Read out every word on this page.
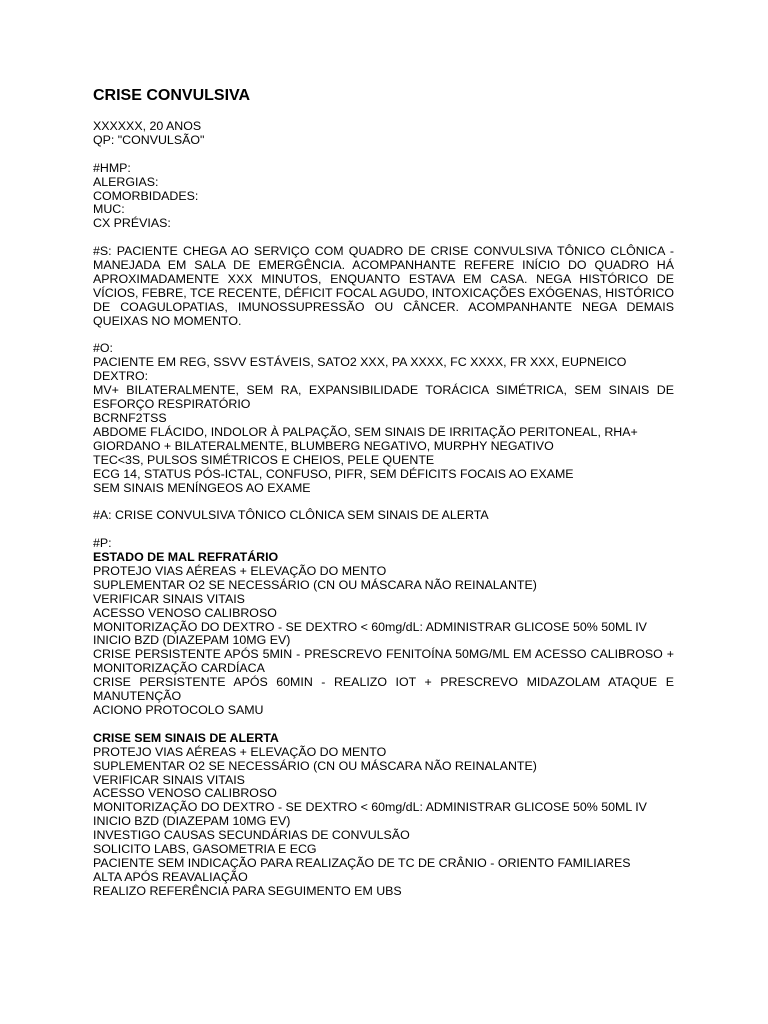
CRISE CONVULSIVA
XXXXXX, 20 ANOS
QP: "CONVULSÃO"
#HMP:
ALERGIAS:
COMORBIDADES:
MUC:
CX PRÉVIAS:
#S: PACIENTE CHEGA AO SERVIÇO COM QUADRO DE CRISE CONVULSIVA TÔNICO CLÔNICA - MANEJADA EM SALA DE EMERGÊNCIA. ACOMPANHANTE REFERE INÍCIO DO QUADRO HÁ APROXIMADAMENTE XXX MINUTOS, ENQUANTO ESTAVA EM CASA. NEGA HISTÓRICO DE VÍCIOS, FEBRE, TCE RECENTE, DÉFICIT FOCAL AGUDO, INTOXICAÇÕES EXÓGENAS, HISTÓRICO DE COAGULOPATIAS, IMUNOSSUPRESSÃO OU CÂNCER. ACOMPANHANTE NEGA DEMAIS QUEIXAS NO MOMENTO.
#O:
PACIENTE EM REG, SSVV ESTÁVEIS, SATO2 XXX, PA XXXX, FC XXXX, FR XXX, EUPNEICO
DEXTRO:
MV+ BILATERALMENTE, SEM RA, EXPANSIBILIDADE TORÁCICA SIMÉTRICA, SEM SINAIS DE ESFORÇO RESPIRATÓRIO
BCRNF2TSS
ABDOME FLÁCIDO, INDOLOR À PALPAÇÃO, SEM SINAIS DE IRRITAÇÃO PERITONEAL, RHA+
GIORDANO + BILATERALMENTE, BLUMBERG NEGATIVO, MURPHY NEGATIVO
TEC<3S, PULSOS SIMÉTRICOS E CHEIOS, PELE QUENTE
ECG 14, STATUS PÓS-ICTAL, CONFUSO, PIFR, SEM DÉFICITS FOCAIS AO EXAME
SEM SINAIS MENÍNGEOS AO EXAME
#A: CRISE CONVULSIVA TÔNICO CLÔNICA SEM SINAIS DE ALERTA
#P:
ESTADO DE MAL REFRATÁRIO
PROTEJO VIAS AÉREAS + ELEVAÇÃO DO MENTO
SUPLEMENTAR O2 SE NECESSÁRIO (CN OU MÁSCARA NÃO REINALANTE)
VERIFICAR SINAIS VITAIS
ACESSO VENOSO CALIBROSO
MONITORIZAÇÃO DO DEXTRO - SE DEXTRO < 60mg/dL: ADMINISTRAR GLICOSE 50% 50ML IV
INICIO BZD (DIAZEPAM 10MG EV)
CRISE PERSISTENTE APÓS 5MIN - PRESCREVO FENITOÍNA 50MG/ML EM ACESSO CALIBROSO + MONITORIZAÇÃO CARDÍACA
CRISE PERSISTENTE APÓS 60MIN - REALIZO IOT + PRESCREVO MIDAZOLAM ATAQUE E MANUTENÇÃO
ACIONO PROTOCOLO SAMU
CRISE SEM SINAIS DE ALERTA
PROTEJO VIAS AÉREAS + ELEVAÇÃO DO MENTO
SUPLEMENTAR O2 SE NECESSÁRIO (CN OU MÁSCARA NÃO REINALANTE)
VERIFICAR SINAIS VITAIS
ACESSO VENOSO CALIBROSO
MONITORIZAÇÃO DO DEXTRO - SE DEXTRO < 60mg/dL: ADMINISTRAR GLICOSE 50% 50ML IV
INICIO BZD (DIAZEPAM 10MG EV)
INVESTIGO CAUSAS SECUNDÁRIAS DE CONVULSÃO
SOLICITO LABS, GASOMETRIA E ECG
PACIENTE SEM INDICAÇÃO PARA REALIZAÇÃO DE TC DE CRÂNIO - ORIENTO FAMILIARES
ALTA APÓS REAVALIAÇÃO
REALIZO REFERÊNCIA PARA SEGUIMENTO EM UBS
